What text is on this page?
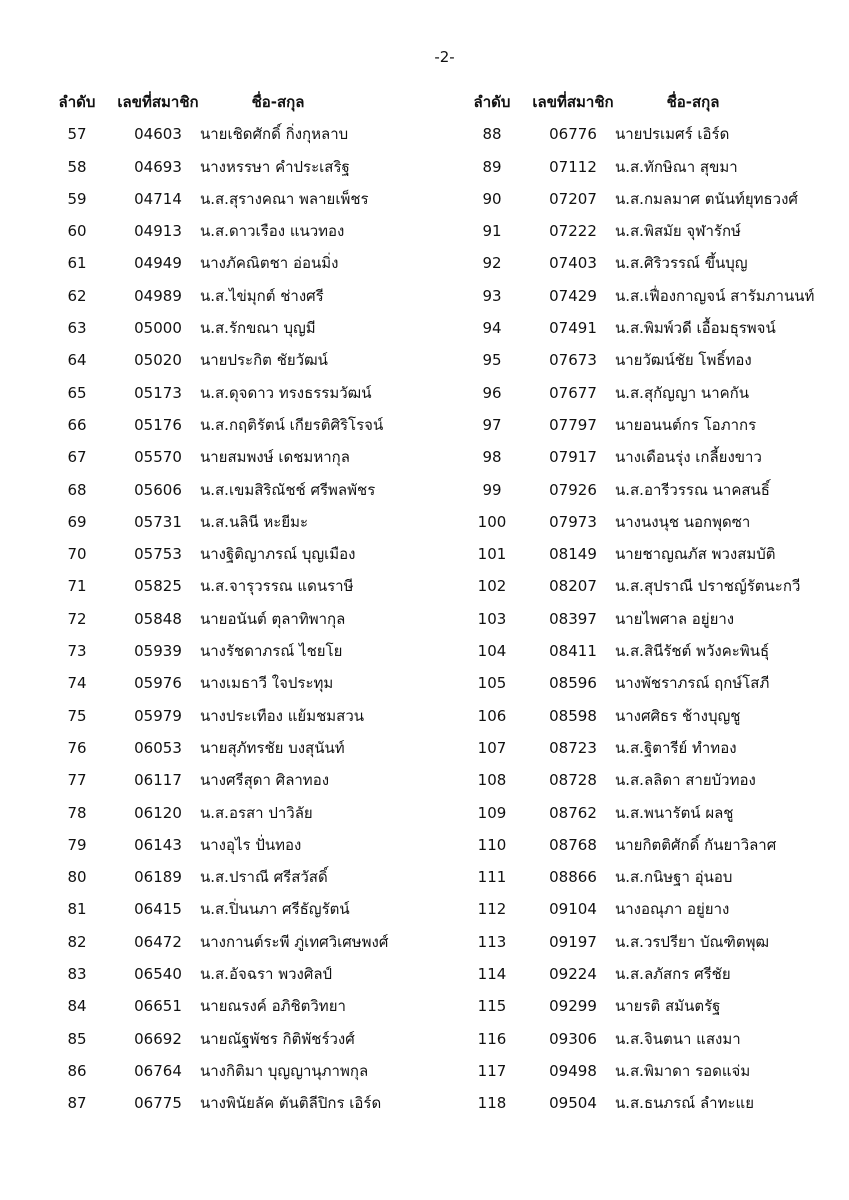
-2-
ลำดับ เลขที่สมาชิก	ชื่อ-สกุล
57	04603	นายเชิดศักดิ์ กิ่งกุหลาบ
58	04693	นางหรรษา คำประเสริฐ
59	04714	น.ส.สุรางคณา พลายเพ็ชร
60	04913	น.ส.ดาวเรือง แนวทอง
61	04949	นางภัคณิตชา อ่อนมิ่ง
62	04989	น.ส.ไข่มุกต์ ช่างศรี
63	05000	น.ส.รักขณา บุญมี
64	05020	นายประกิต ชัยวัฒน์
65	05173	น.ส.ดุจดาว ทรงธรรมวัฒน์
66	05176	น.ส.กฤติรัตน์ เกียรติศิริโรจน์
67	05570	นายสมพงษ์ เดชมหากุล
68	05606	น.ส.เขมสิริณัชช์ ศรีพลพัชร
69	05731	น.ส.นลินี หะยีมะ
70	05753	นางฐิติญาภรณ์ บุญเมือง
71	05825	น.ส.จารุวรรณ แดนราษี
72	05848	นายอนันต์ ตุลาทิพากุล
73	05939	นางรัชดาภรณ์ ไชยโย
74	05976	นางเมธาวี ใจประทุม
75	05979	นางประเทือง แย้มชมสวน
76	06053	นายสุภัทรชัย บงสุนันท์
77	06117	นางศรีสุดา ศิลาทอง
78	06120	น.ส.อรสา ปาวิลัย
79	06143	นางอุไร ปั่นทอง
80	06189	น.ส.ปราณี ศรีสวัสดิ์
81	06415	น.ส.ปิ่นนภา ศรีธัญรัตน์
82	06472	นางกานต์ระพี ภู่เทศวิเศษพงศ์
83	06540	น.ส.อัจฉรา พวงศิลป์
84	06651	นายณรงค์ อภิชิตวิทยา
85	06692	นายณัฐพัชร กิติพัชร์วงศ์
86	06764	นางกิติมา บุญญานุภาพกุล
87	06775	นางพินัยลัค ตันติลีปิกร เอิร์ด
ลำดับ เลขที่สมาชิก	ชื่อ-สกุล
88	06776	นายปรเมศร์ เอิร์ด
89	07112	น.ส.ทักษิณา สุขมา
90	07207	น.ส.กมลมาศ ตนันท์ยุทธวงศ์
91	07222	น.ส.พิสมัย จุฬารักษ์
92	07403	น.ส.ศิริวรรณ์ ขึ้นบุญ
93	07429	น.ส.เฟื่องกาญจน์ สารัมภานนท์
94	07491	น.ส.พิมพ์วดี เอื้อมธุรพจน์
95	07673	นายวัฒน์ชัย โพธิ์ทอง
96	07677	น.ส.สุกัญญา นาคกัน
97	07797	นายอนนต์กร โอภากร
98	07917	นางเดือนรุ่ง เกลี้ยงขาว
99	07926	น.ส.อารีวรรณ นาคสนธิ์
100	07973	นางนงนุช นอกพุดซา
101	08149	นายชาญณภัส พวงสมบัติ
102	08207	น.ส.สุปราณี ปราชญ์รัตนะกวี
103	08397	นายไพศาล อยู่ยาง
104	08411	น.ส.สินีรัชต์ พวังคะพินธุ์
105	08596	นางพัชราภรณ์ ฤกษ์โสภี
106	08598	นางศศิธร ช้างบุญชู
107	08723	น.ส.ฐิตารีย์ ทำทอง
108	08728	น.ส.ลลิดา สายบัวทอง
109	08762	น.ส.พนารัตน์ ผลชู
110	08768	นายกิตติศักดิ์ กันยาวิลาศ
111	08866	น.ส.กนิษฐา อุ่นอบ
112	09104	นางอณุภา อยู่ยาง
113	09197	น.ส.วรปรียา บัณฑิตพุฒ
114	09224	น.ส.ลภัสกร ศรีชัย
115	09299	นายรติ สมันตรัฐ
116	09306	น.ส.จินตนา แสงมา
117	09498	น.ส.พิมาดา รอดแจ่ม
118	09504	น.ส.ธนภรณ์ ลำทะแย
